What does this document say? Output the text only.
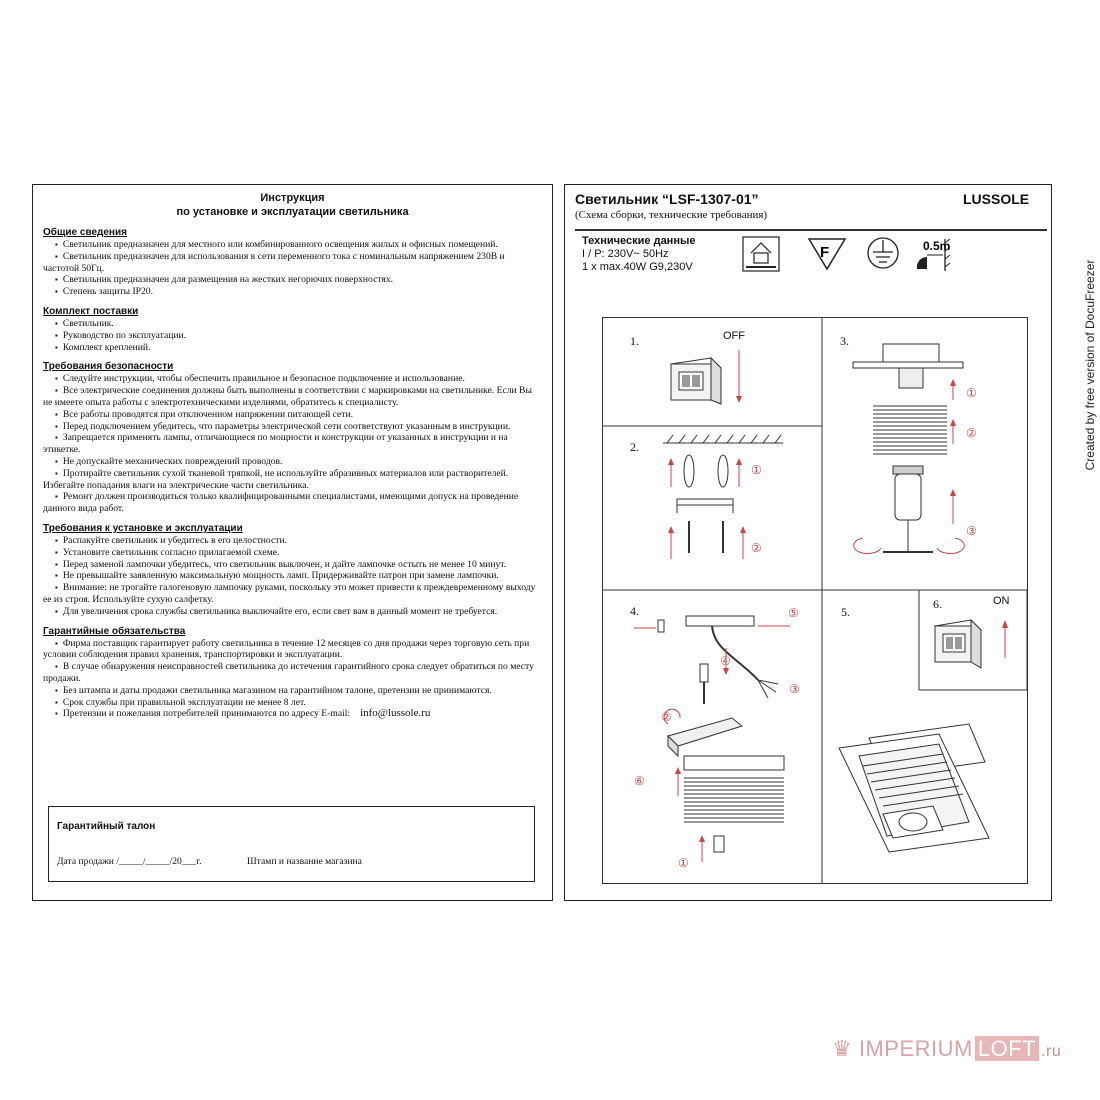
Инструкция
по установке и эксплуатации светильника
Общие сведения
▪ Светильник предназначен для местного или комбинированного освещения жилых и офисных помещений.
▪ Светильник предназначен для использования в сети переменного тока с номинальным напряжением 230В и частотой 50Гц.
▪ Светильник предназначен для размещения на жестких негорючих поверхностях.
▪ Степень защиты IP20.
Комплект поставки
▪ Светильник.
▪ Руководство по эксплуатации.
▪ Комплект креплений.
Требования безопасности
▪ Следуйте инструкции, чтобы обеспечить правильное и безопасное подключение и использование.
▪ Все электрические соединения должны быть выполнены в соответствии с маркировками на светильнике. Если Вы не имеете опыта работы с электротехническими изделиями, обратитесь к специалисту.
▪ Все работы проводятся при отключенном напряжении питающей сети.
▪ Перед подключением убедитесь, что параметры электрической сети соответствуют указанным в инструкции.
▪ Запрещается применять лампы, отличающиеся по мощности и конструкции от указанных в инструкции и на этикетке.
▪ Не допускайте механических повреждений проводов.
▪ Протирайте светильник сухой тканевой тряпкой, не используйте абразивных материалов или растворителей. Избегайте попадания влаги на электрические части светильника.
▪ Ремонт должен производиться только квалифицированными специалистами, имеющими допуск на проведение данного вида работ.
Требования к установке и эксплуатации
▪ Распакуйте светильник и убедитесь в его целостности.
▪ Установите светильник согласно прилагаемой схеме.
▪ Перед заменой лампочки убедитесь, что светильник выключен, и дайте лампочке остыть не менее 10 минут.
▪ Не превышайте заявленную максимальную мощность ламп. Придерживайте патрон при замене лампочки.
▪ Внимание: не трогайте галогеновую лампочку руками, поскольку это может привести к преждевременному выходу ее из строя. Используйте сухую салфетку.
▪ Для увеличения срока службы светильника выключайте его, если свет вам в данный момент не требуется.
Гарантийные обязательства
▪ Фирма поставщик гарантирует работу светильника в течение 12 месяцев со дня продажи через торговую сеть при условии соблюдения правил хранения, транспортировки и эксплуатации.
▪ В случае обнаружения неисправностей светильника до истечения гарантийного срока следует обратиться по месту продажи.
▪ Без штампа и даты продажи светильника магазином на гарантийном талоне, претензии не принимаются.
▪ Срок службы при правильной эксплуатации не менее 8 лет.
▪ Претензии и пожелания потребителей принимаются по адресу E-mail: info@lussole.ru
Гарантийный талон
Дата продажи /_____/_____/20___г.	Штамп и название магазина
Светильник “LSF-1307-01”	LUSSOLE
(Схема сборки, технические требования)
Технические данные
I / P: 230V~ 50Hz
1 x max.40W G9,230V
F	0.5m
1.	OFF
2.
①
②
3.
①
②
③
4.	⑤
④
③
②
⑥
①
5.
6.	ON
Created by free version of DocuFreezer
♛ IMPERIUM LOFT .ru
